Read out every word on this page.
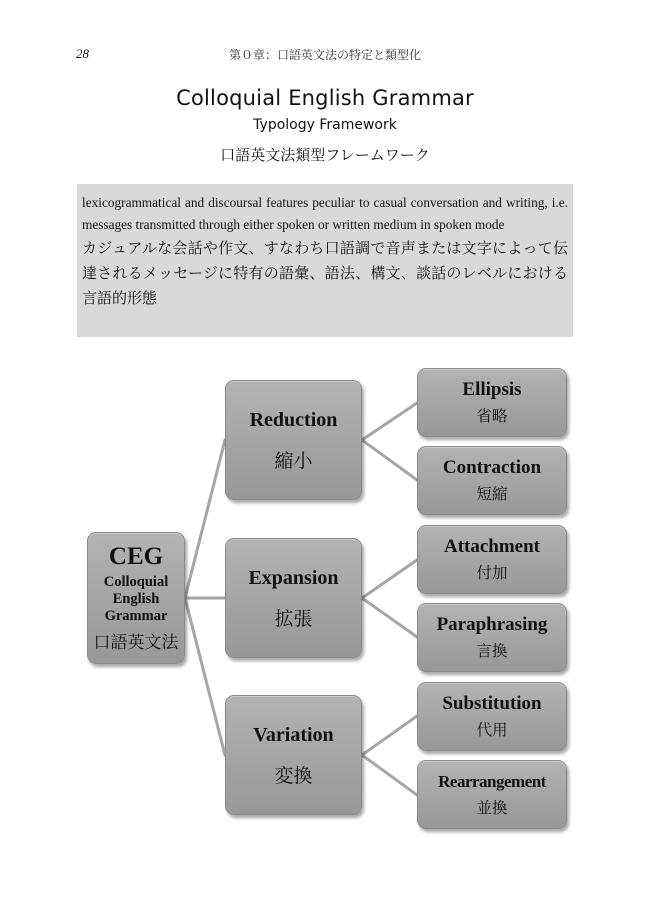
28	第０章：口語英文法の特定と類型化
Colloquial English Grammar
Typology Framework
口語英文法類型フレームワーク
lexicogrammatical and discoursal features peculiar to casual conversation and writing, i.e. messages transmitted through either spoken or written medium in spoken mode
カジュアルな会話や作文、すなわち口語調で音声または文字によって伝達されるメッセージに特有の語彙、語法、構文、談話のレベルにおける言語的形態
CEG
Colloquial
English
Grammar
口語英文法
Reduction
縮小
Expansion
拡張
Variation
変換
Ellipsis
省略
Contraction
短縮
Attachment
付加
Paraphrasing
言換
Substitution
代用
Rearrangement
並換
